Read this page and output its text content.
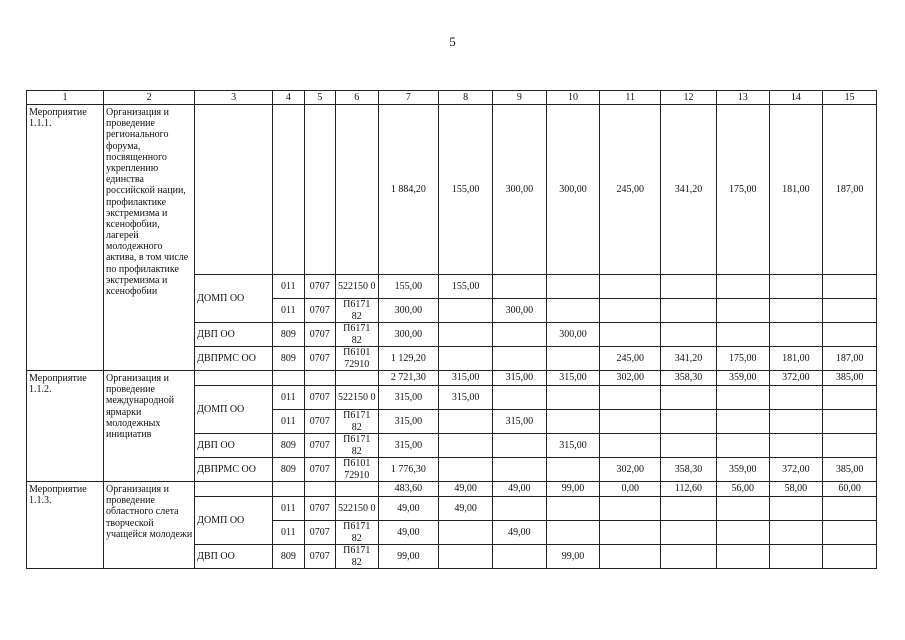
5
1	2	3	4	5	6	7	8	9	10	11	12	13	14	15
Мероприятие 1.1.1.	Организация и проведение регионального форума, посвященного укреплению единства российской нации, профилактике экстремизма и ксенофобии, лагерей молодежного актива, в том числе по профилактике экстремизма и ксенофобии					1 884,20	155,00	300,00	300,00	245,00	341,20	175,00	181,00	187,00
		ДОМП ОО	011	0707	522150 0	155,00	155,00							
			011	0707	П6171 82	300,00		300,00						
		ДВП ОО	809	0707	П6171 82	300,00			300,00					
		ДВПРМС ОО	809	0707	П6101 72910	1 129,20				245,00	341,20	175,00	181,00	187,00
Мероприятие 1.1.2.	Организация и проведение международной ярмарки молодежных инициатив					2 721,30	315,00	315,00	315,00	302,00	358,30	359,00	372,00	385,00
		ДОМП ОО	011	0707	522150 0	315,00	315,00							
			011	0707	П6171 82	315,00		315,00						
		ДВП ОО	809	0707	П6171 82	315,00			315,00					
		ДВПРМС ОО	809	0707	П6101 72910	1 776,30				302,00	358,30	359,00	372,00	385,00
Мероприятие 1.1.3.	Организация и проведение областного слета творческой учащейся молодежи					483,60	49,00	49,00	99,00	0,00	112,60	56,00	58,00	60,00
		ДОМП ОО	011	0707	522150 0	49,00	49,00							
			011	0707	П6171 82	49,00		49,00						
		ДВП ОО	809	0707	П6171 82	99,00			99,00					
